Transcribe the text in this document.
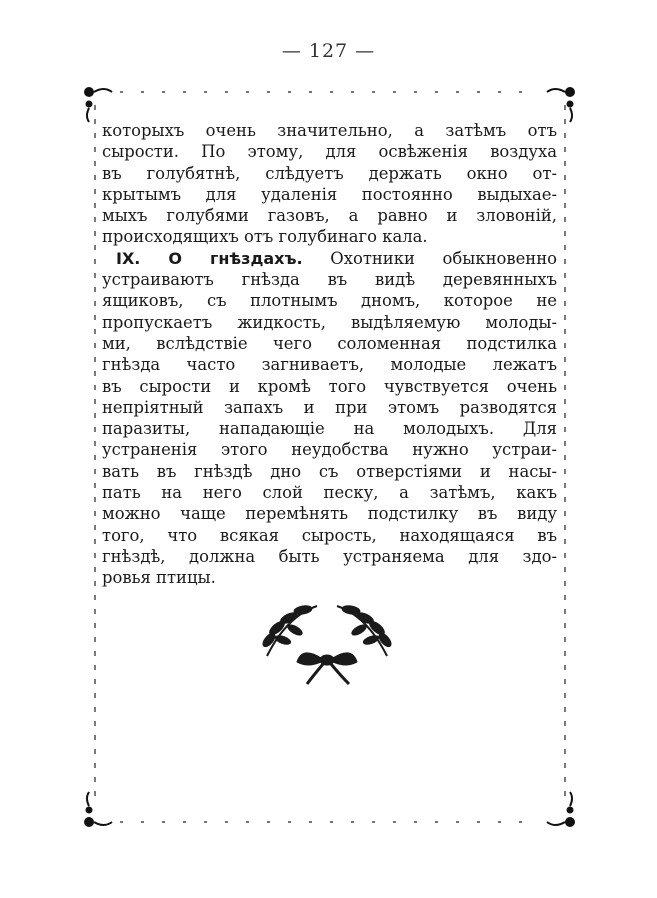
— 127 —
которыхъ очень значительно, а затѣмъ отъ
сырости. По этому, для освѣженія воздуха
въ голубятнѣ, слѣдуетъ держать окно от-
крытымъ для удаленія постоянно выдыхае-
мыхъ голубями газовъ, а равно и зловоній,
происходящихъ отъ голубинаго кала.
IX. О гнѣздахъ. Охотники обыкновенно
устраиваютъ гнѣзда въ видѣ деревянныхъ
ящиковъ, съ плотнымъ дномъ, которое не
пропускаетъ жидкость, выдѣляемую молоды-
ми, вслѣдствіе чего соломенная подстилка
гнѣзда часто загниваетъ, молодые лежатъ
въ сырости и кромѣ того чувствуется очень
непріятный запахъ и при этомъ разводятся
паразиты, нападающіе на молодыхъ. Для
устраненія этого неудобства нужно устраи-
вать въ гнѣздѣ дно съ отверстіями и насы-
пать на него слой песку, а затѣмъ, какъ
можно чаще перемѣнять подстилку въ виду
того, что всякая сырость, находящаяся въ
гнѣздѣ, должна быть устраняема для здо-
ровья птицы.
